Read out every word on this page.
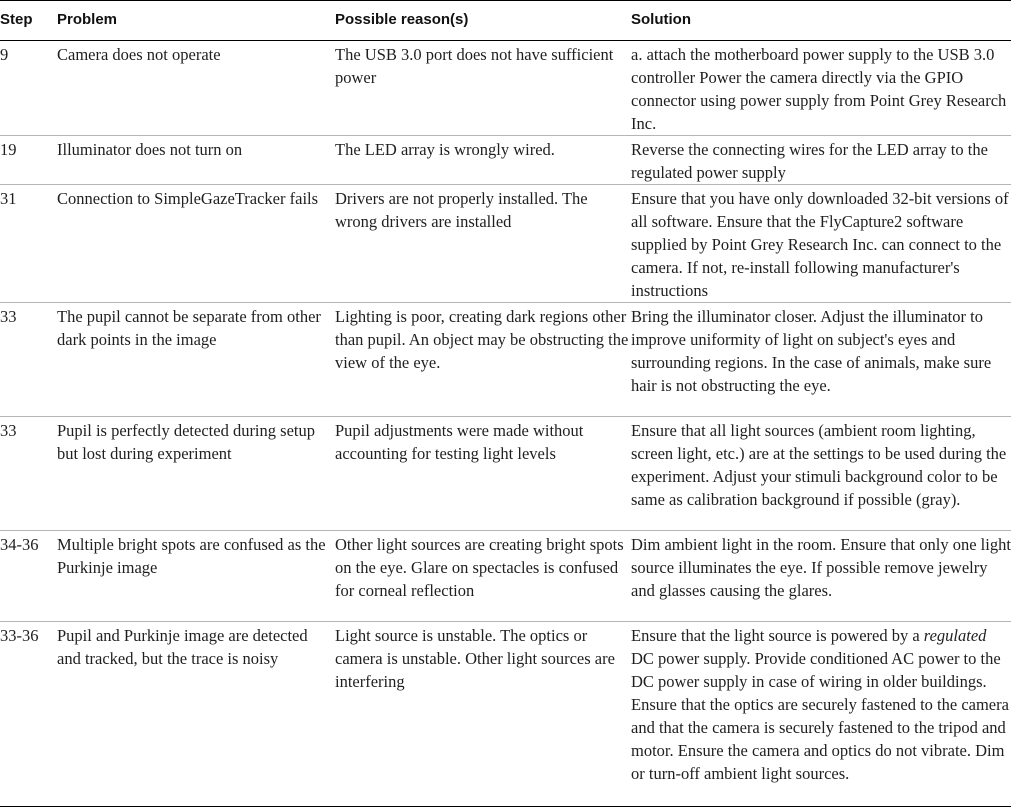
Step	Problem	Possible reason(s)	Solution
9	Camera does not operate	The USB 3.0 port does not have sufficient power	a. attach the motherboard power supply to the USB 3.0 controller Power the camera directly via the GPIO connector using power supply from Point Grey Research Inc.
19	Illuminator does not turn on	The LED array is wrongly wired.	Reverse the connecting wires for the LED array to the regulated power supply
31	Connection to SimpleGazeTracker fails	Drivers are not properly installed. The wrong drivers are installed	Ensure that you have only downloaded 32-bit versions of all software. Ensure that the FlyCapture2 software supplied by Point Grey Research Inc. can connect to the camera. If not, re-install following manufacturer's instructions
33	The pupil cannot be separate from other dark points in the image	Lighting is poor, creating dark regions other than pupil. An object may be obstructing the view of the eye.	Bring the illuminator closer. Adjust the illuminator to improve uniformity of light on subject's eyes and surrounding regions. In the case of animals, make sure hair is not obstructing the eye.
33	Pupil is perfectly detected during setup but lost during experiment	Pupil adjustments were made without accounting for testing light levels	Ensure that all light sources (ambient room lighting, screen light, etc.) are at the settings to be used during the experiment. Adjust your stimuli background color to be same as calibration background if possible (gray).
34-36	Multiple bright spots are confused as the Purkinje image	Other light sources are creating bright spots on the eye. Glare on spectacles is confused for corneal reflection	Dim ambient light in the room. Ensure that only one light source illuminates the eye. If possible remove jewelry and glasses causing the glares.
33-36	Pupil and Purkinje image are detected and tracked, but the trace is noisy	Light source is unstable. The optics or camera is unstable. Other light sources are interfering	Ensure that the light source is powered by a regulated DC power supply. Provide conditioned AC power to the DC power supply in case of wiring in older buildings. Ensure that the optics are securely fastened to the camera and that the camera is securely fastened to the tripod and motor. Ensure the camera and optics do not vibrate. Dim or turn-off ambient light sources.
